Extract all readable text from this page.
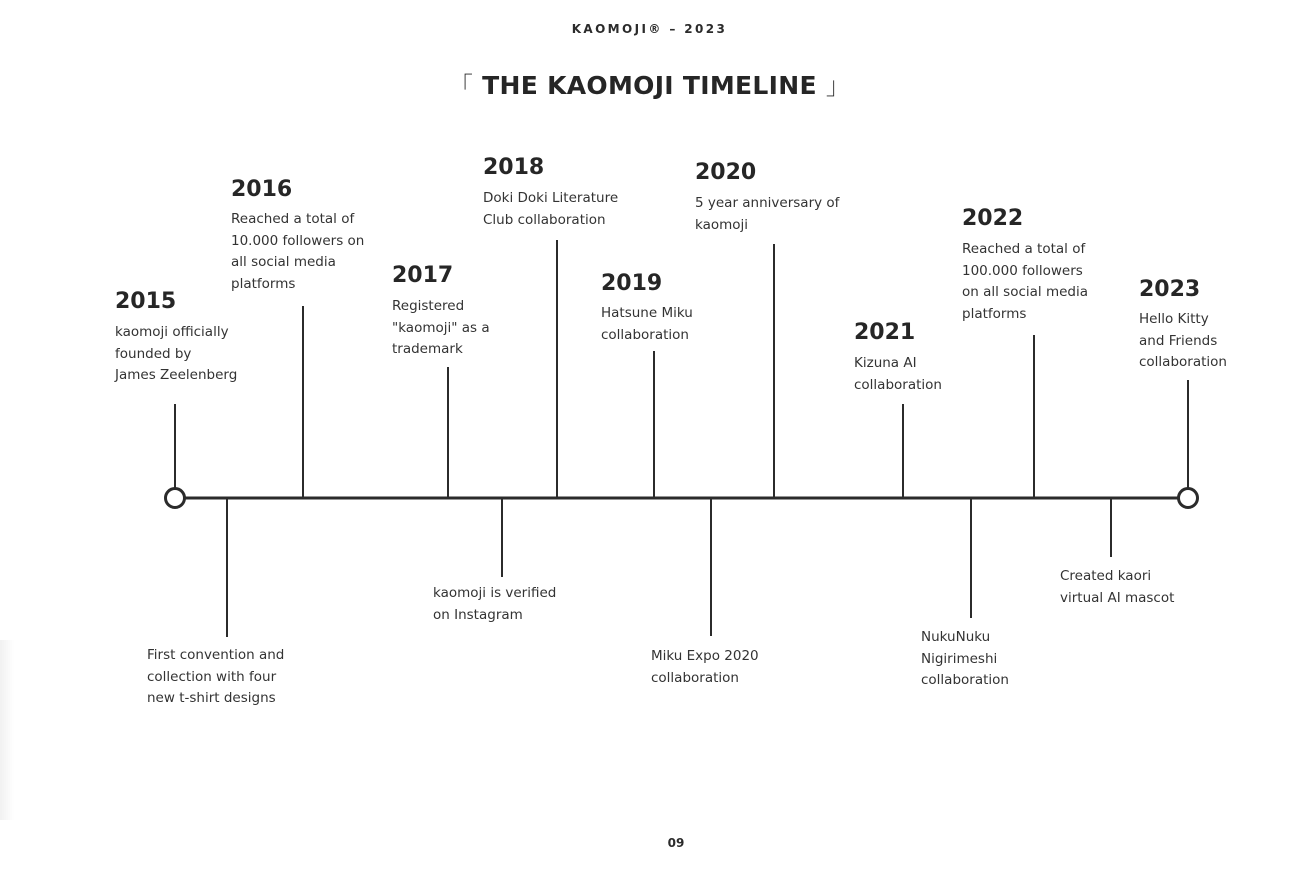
KAOMOJI® – 2023
「 THE KAOMOJI TIMELINE 」
2015
kaomoji officially
founded by
James Zeelenberg
2016
Reached a total of
10.000 followers on
all social media
platforms	2017
Registered
"kaomoji" as a
trademark
2018
Doki Doki Literature
Club collaboration
2019
Hatsune Miku
collaboration
2020
5 year anniversary of
kaomoji
2021
Kizuna AI
collaboration
2022
Reached a total of
100.000 followers
on all social media
platforms
2023
Hello Kitty
and Friends
collaboration
First convention and
collection with four
new t-shirt designs
kaomoji is verified
on Instagram
Miku Expo 2020
collaboration
NukuNuku
Nigirimeshi
collaboration
Created kaori
virtual AI mascot
09
